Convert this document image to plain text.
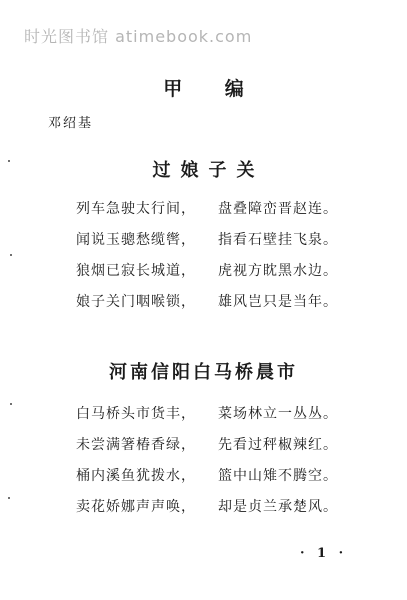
时光图书馆 atimebook.com
甲 编
邓绍基
过娘子关
列车急驶太行间， 盘叠障峦晋赵连。
闻说玉骢愁缆辔， 指看石壁挂飞泉。
狼烟已寂长城道， 虎视方眈黑水边。
娘子关门咽喉锁， 雄风岂只是当年。
河南信阳白马桥晨市
白马桥头市货丰， 菜场林立一丛丛。
未尝满箸椿香绿， 先看过秤椒辣红。
桶内溪鱼犹拨水， 篮中山雉不腾空。
卖花娇娜声声唤， 却是贞兰承楚风。
· 1 ·
